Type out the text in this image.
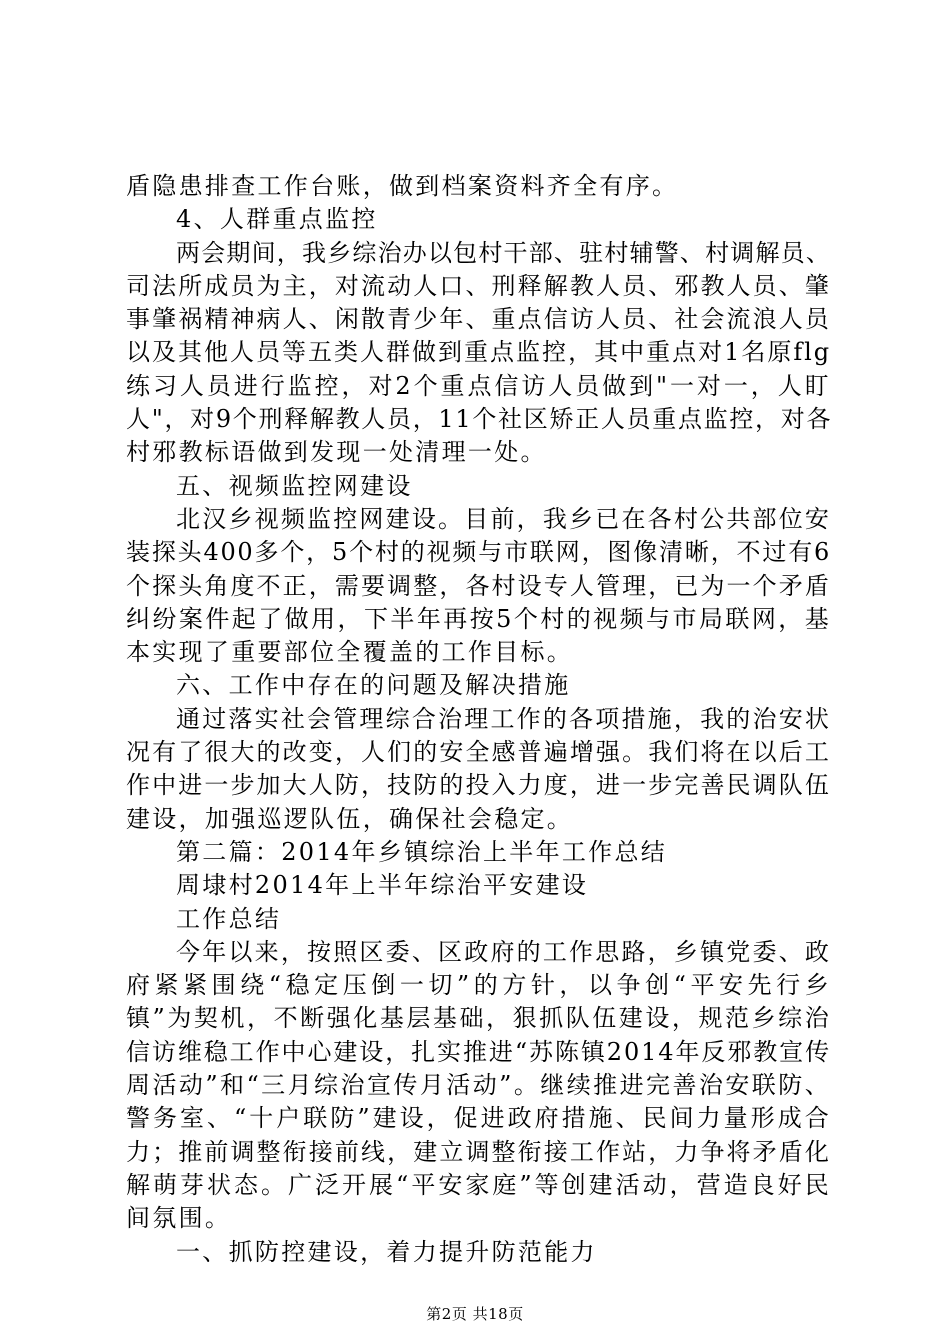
盾隐患排查工作台账，做到档案资料齐全有序。
4、人群重点监控
两会期间，我乡综治办以包村干部、驻村辅警、村调解员、
司法所成员为主，对流动人口、刑释解教人员、邪教人员、肇
事肇祸精神病人、闲散青少年、重点信访人员、社会流浪人员
以及其他人员等五类人群做到重点监控，其中重点对1名原flg
练习人员进行监控，对2个重点信访人员做到"一对一，人盯
人"，对9个刑释解教人员，11个社区矫正人员重点监控，对各
村邪教标语做到发现一处清理一处。
五、视频监控网建设
北汉乡视频监控网建设。目前，我乡已在各村公共部位安
装探头400多个，5个村的视频与市联网，图像清晰，不过有6
个探头角度不正，需要调整，各村设专人管理，已为一个矛盾
纠纷案件起了做用，下半年再按5个村的视频与市局联网，基
本实现了重要部位全覆盖的工作目标。
六、工作中存在的问题及解决措施
通过落实社会管理综合治理工作的各项措施，我的治安状
况有了很大的改变，人们的安全感普遍增强。我们将在以后工
作中进一步加大人防，技防的投入力度，进一步完善民调队伍
建设，加强巡逻队伍，确保社会稳定。
第二篇：2014年乡镇综治上半年工作总结
周埭村2014年上半年综治平安建设
工作总结
今年以来，按照区委、区政府的工作思路，乡镇党委、政
府紧紧围绕“稳定压倒一切”的方针，以争创“平安先行乡
镇”为契机，不断强化基层基础，狠抓队伍建设，规范乡综治
信访维稳工作中心建设，扎实推进“苏陈镇2014年反邪教宣传
周活动”和“三月综治宣传月活动”。继续推进完善治安联防、
警务室、“十户联防”建设，促进政府措施、民间力量形成合
力；推前调整衔接前线，建立调整衔接工作站，力争将矛盾化
解萌芽状态。广泛开展“平安家庭”等创建活动，营造良好民
间氛围。
一、抓防控建设，着力提升防范能力
第2页 共18页
